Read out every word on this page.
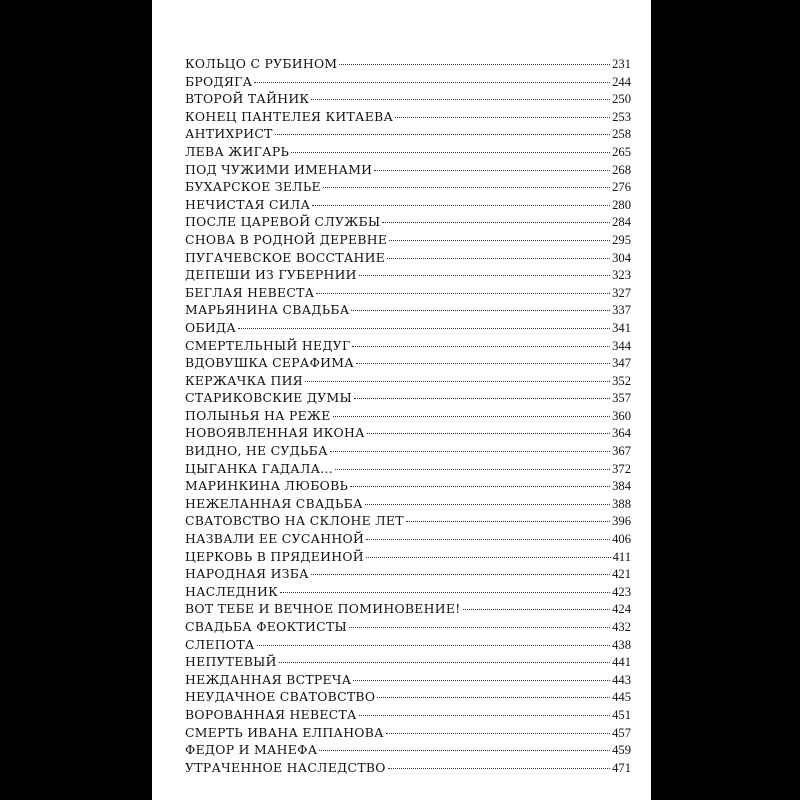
КОЛЬЦО С РУБИНОМ	231
БРОДЯГА	244
ВТОРОЙ ТАЙНИК	250
КОНЕЦ ПАНТЕЛЕЯ КИТАЕВА	253
АНТИХРИСТ	258
ЛЕВА ЖИГАРЬ	265
ПОД ЧУЖИМИ ИМЕНАМИ	268
БУХАРСКОЕ ЗЕЛЬЕ	276
НЕЧИСТАЯ СИЛА	280
ПОСЛЕ ЦАРЕВОЙ СЛУЖБЫ	284
СНОВА В РОДНОЙ ДЕРЕВНЕ	295
ПУГАЧЕВСКОЕ ВОССТАНИЕ	304
ДЕПЕШИ ИЗ ГУБЕРНИИ	323
БЕГЛАЯ НЕВЕСТА	327
МАРЬЯНИНА СВАДЬБА	337
ОБИДА	341
СМЕРТЕЛЬНЫЙ НЕДУГ	344
ВДОВУШКА СЕРАФИМА	347
КЕРЖАЧКА ПИЯ	352
СТАРИКОВСКИЕ ДУМЫ	357
ПОЛЫНЬЯ НА РЕЖЕ	360
НОВОЯВЛЕННАЯ ИКОНА	364
ВИДНО, НЕ СУДЬБА	367
ЦЫГАНКА ГАДАЛА...	372
МАРИНКИНА ЛЮБОВЬ	384
НЕЖЕЛАННАЯ СВАДЬБА	388
СВАТОВСТВО НА СКЛОНЕ ЛЕТ	396
НАЗВАЛИ ЕЕ СУСАННОЙ	406
ЦЕРКОВЬ В ПРЯДЕИНОЙ	411
НАРОДНАЯ ИЗБА	421
НАСЛЕДНИК	423
ВОТ ТЕБЕ И ВЕЧНОЕ ПОМИНОВЕНИЕ!	424
СВАДЬБА ФЕОКТИСТЫ	432
СЛЕПОТА	438
НЕПУТЕВЫЙ	441
НЕЖДАННАЯ ВСТРЕЧА	443
НЕУДАЧНОЕ СВАТОВСТВО	445
ВОРОВАННАЯ НЕВЕСТА	451
СМЕРТЬ ИВАНА ЕЛПАНОВА	457
ФЕДОР И МАНЕФА	459
УТРАЧЕННОЕ НАСЛЕДСТВО	471
